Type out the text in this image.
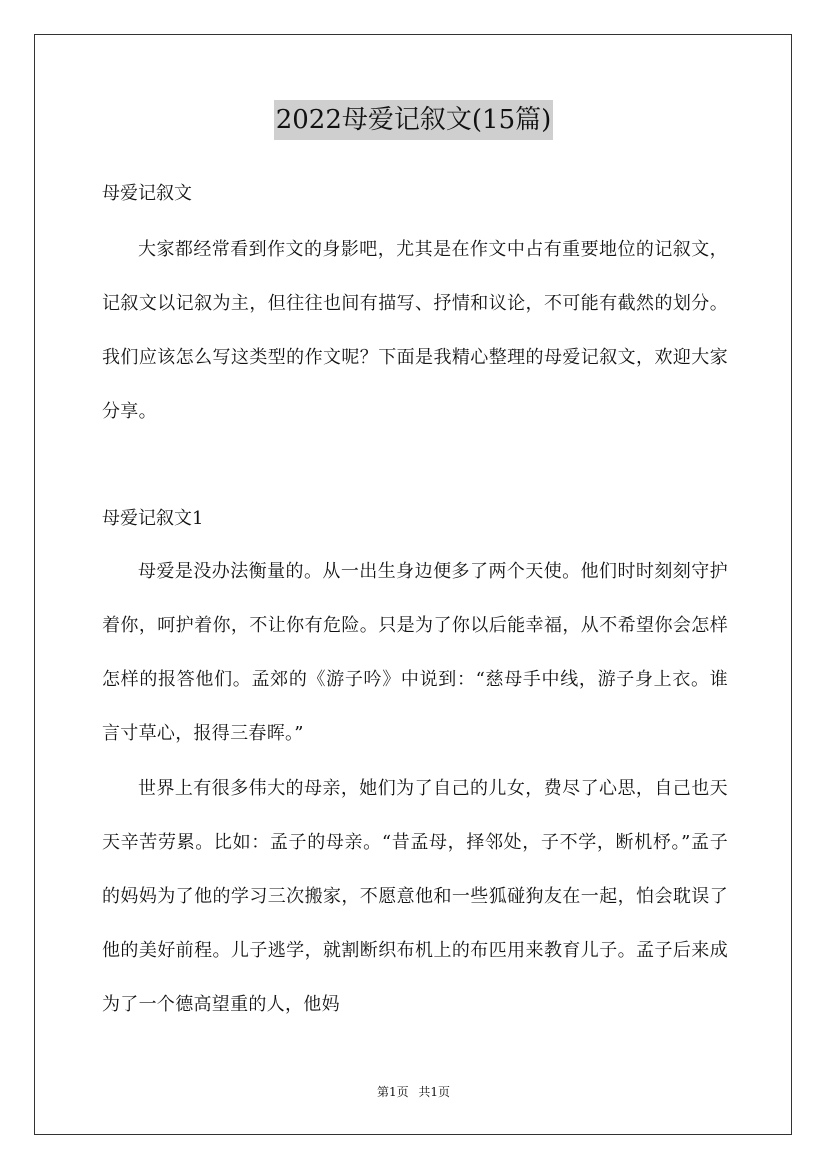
2022母爱记叙文(15篇)
母爱记叙文
大家都经常看到作文的身影吧，尤其是在作文中占有重要地位的记叙文，记叙文以记叙为主，但往往也间有描写、抒情和议论，不可能有截然的划分。我们应该怎么写这类型的作文呢？下面是我精心整理的母爱记叙文，欢迎大家分享。
母爱记叙文1
母爱是没办法衡量的。从一出生身边便多了两个天使。他们时时刻刻守护着你，呵护着你，不让你有危险。只是为了你以后能幸福，从不希望你会怎样怎样的报答他们。孟郊的《游子吟》中说到：“慈母手中线，游子身上衣。谁言寸草心，报得三春晖。”
世界上有很多伟大的母亲，她们为了自己的儿女，费尽了心思，自己也天天辛苦劳累。比如：孟子的母亲。“昔孟母，择邻处，子不学，断机杼。”孟子的妈妈为了他的学习三次搬家，不愿意他和一些狐碰狗友在一起，怕会耽误了他的美好前程。儿子逃学，就割断织布机上的布匹用来教育儿子。孟子后来成为了一个德高望重的人，他妈
第1页 共1页
